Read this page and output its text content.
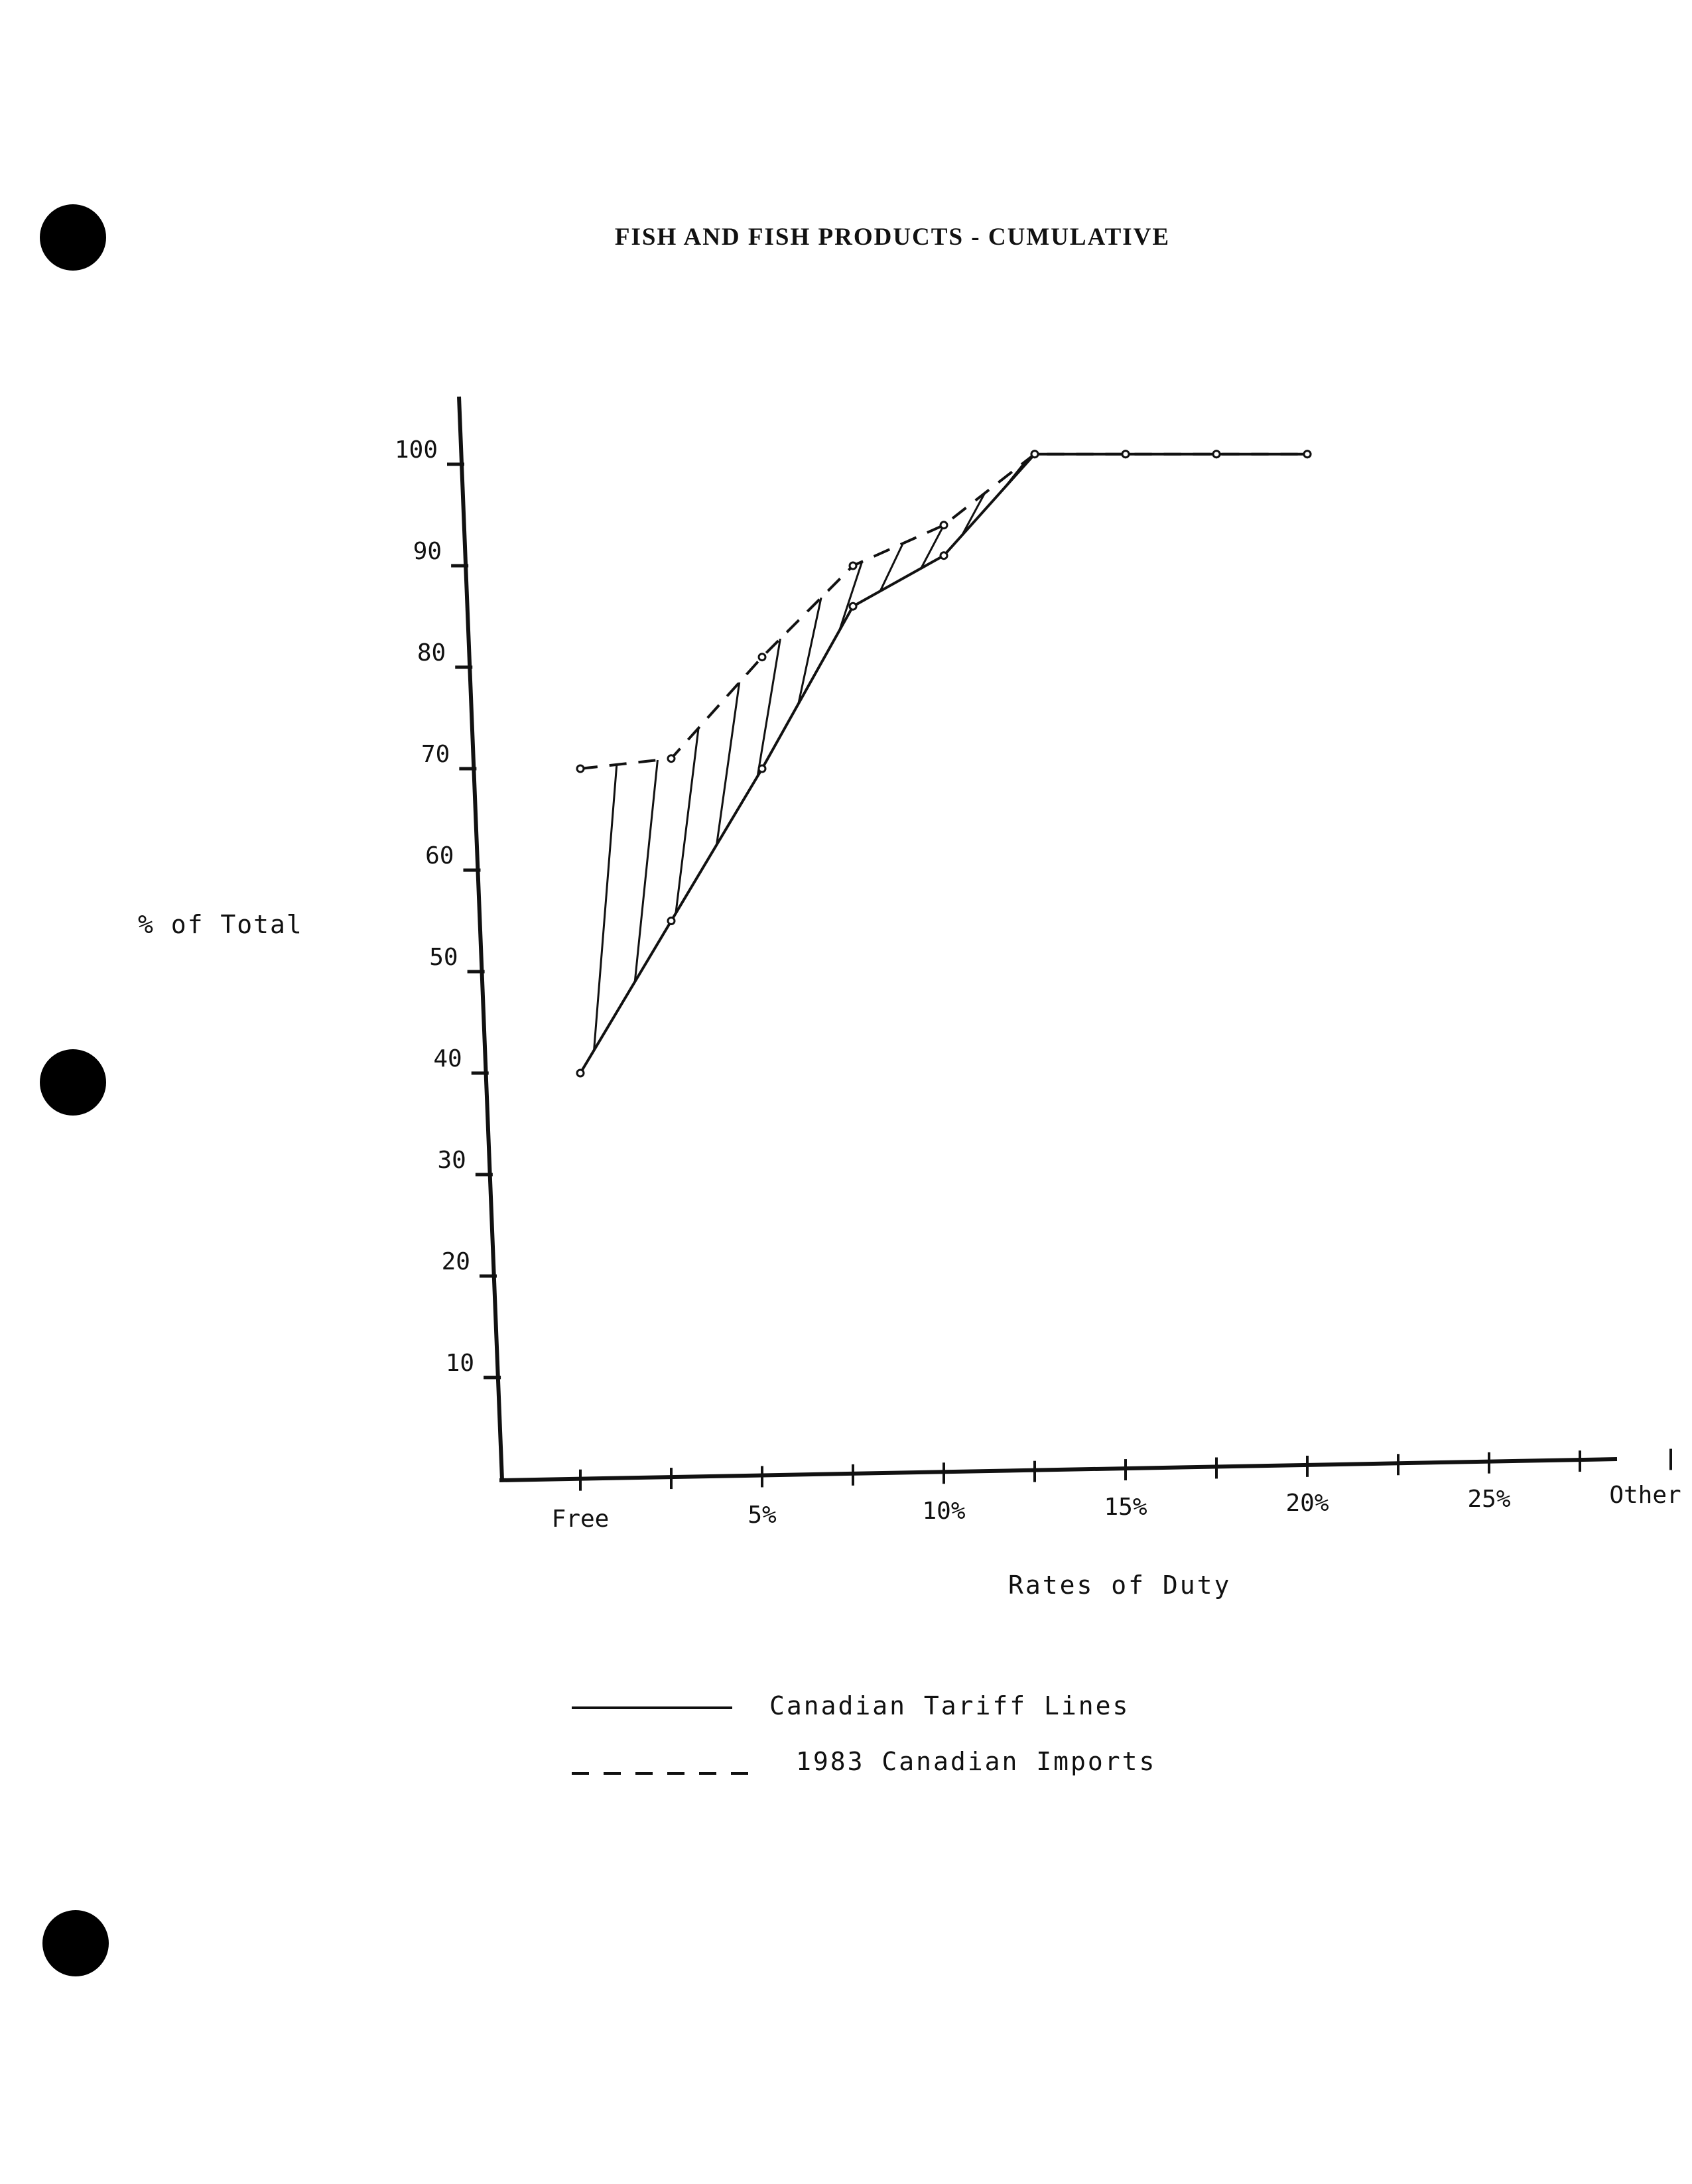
FISH AND FISH PRODUCTS - CUMULATIVE
10
20
30
40
50
60
70
80
90
100
Free	5%	10%	15%	20%	25%	Other
% of Total
Rates of Duty
Canadian Tariff Lines
1983 Canadian Imports
